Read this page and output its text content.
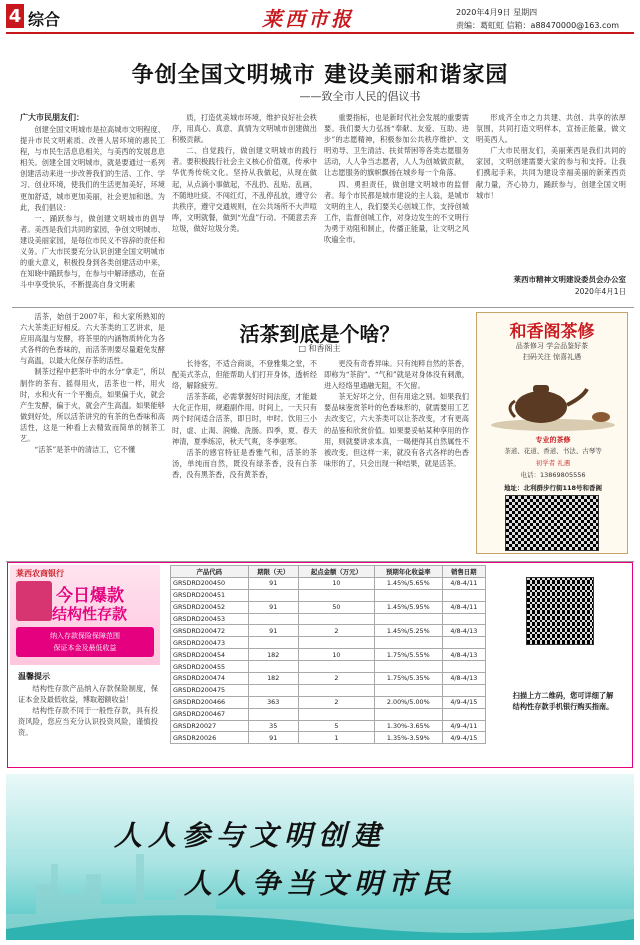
4 综合	莱西市报	2020年4月9日 星期四
责编：葛虹虹 信箱：a88470000@163.com
争创全国文明城市 建设美丽和谐家园
——致全市人民的倡议书
广大市民朋友们：

创建全国文明城市是拉高城市文明程度、提升市民文明素质、改善人居环境的惠民工程，与市民生活息息相关，与美西的发展息息相关。创建全国文明城市，就是要通过一系列创建活动来进一步改善我们的生活、工作、学习、创业环境，使我们的生活更加美好，环境更加舒适，城市更加美丽，社会更加和谐。为此，我们倡议：

一、踊跃参与，做创建文明城市的倡导者。美西是我们共同的家园，争创文明城市、建设美丽家园，是每位市民义不容辞的责任和义务。广大市民要充分认识创建全国文明城市的重大意义，积极投身到各类创建活动中来，在知晓中踊跃参与，在参与中解译感动，在奋斗中享受快乐，不断提高自身文明素

质，打造优美城市环境，维护良好社会秩序，用真心、真意、真情为文明城市创建做出积极贡献。

二、自觉践行，做创建文明城市的践行者。要积极践行社会主义核心价值观，传承中华优秀传统文化。坚持从我做起，从现在做起，从点滴小事做起，不乱扔、乱贴、乱画，不随地吐痰、不闯红灯，不乱停乱放，遵守公共秩序，遵守交通规则，在公共场所不大声喧哗，文明就餐，做到“光盘”行动。不随意丢弃垃圾，做好垃圾分类。

重要指标，也是新时代社会发展的重要需要。我们要大力弘扬“奉献、友爱、互助、进步”的志愿精神，积极参加公共秩序维护、文明劝导、卫生清洁、扶贫帮困等各类志愿服务活动，人人争当志愿者，人人为创城做贡献，让志愿服务的旗帜飘扬在城乡每一个角落。

四、勇担责任，做创建文明城市的监督者。每个市民都是城市建设的主人翁，是城市文明的主人，我们要关心创城工作，支持创城工作，监督创城工作，对身边发生的不文明行为勇于劝阻和制止，传播正能量，让文明之风吹遍全市。

形成齐全市之力共建、共创、共享的浓厚氛围，共同打造文明样本，宣扬正能量，做文明美西人。

广大市民朋友们，美丽莱西是我们共同的家园，文明创建需要大家的参与和支持。让我们携起手来，共同为建设幸福美丽的新莱西贡献力量，齐心协力，踊跃参与，创建全国文明城市！

莱西市精神文明建设委员会办公室
2020年4月1日

活茶，始创于2007年，和大家所熟知的六大茶类正好相反。六大茶类的工艺讲求，是应用高温与发酵，将茶里的内涵物质转化为各式各样的色香味的，而活茶则要尽量避免发酵与高温，以最大化保存茶的活性。

制茶过程中把茶叶中的水分“拿走”，所以制作的茶有、摇得用火，活茶也一样，用火时，水和火有一个平衡点，如果偏于火，就会产生发酵，偏于火，就会产生高温。如果能够做到好处，所以活茶讲究的有茶的色香味和高活性，这是一种看上去精致而简单的制茶工艺。

“活茶”是茶中的清洁工，它不懂

活茶到底是个啥？
□ 和香阁主

长待客，不适合商谈，不登雅集之堂，不配美式茶点，但能帮助人们打开身体，透析经络，解除疲劳。

活茶茶疏，必需掌握好时间法度，才能最大化正作用，规避副作用。时间上，一天只有两个时间适合活茶，即日时，申时。饮用三小时，虚、止渴、润燥、洗肠。四季，夏、春天神清，夏季练凉，秋天气爽，冬季驱寒。

活茶的感官特征是香雅气和，活茶的茶汤，单纯而自然，既没有绿茶香，没有白茶香，没有黑茶香，没有黄茶香，

更没有奇香异味。只有纯粹自然的茶香，即称为“茶韵”。“气和”就是对身体没有刺激，进入经络里通融无阻，不欠留。

茶无好坏之分，但有用途之别。如果我们要品味鉴赏茶叶的色香味形的，就需要用工艺去改变它，六大茶类可以让茶改变，才有更高的品鉴和欣赏价值。如果要妥帖某种享用的作用，则就要讲求本真，一喝便得其自然属性不被改变。但这样一来，就没有各式各样的色香味形的了，只会出现一种结果，就是活茶。

和香阁茶修
品茶修习 学会品鉴好茶
扫码关注 惊喜礼遇
专业的茶修
茶道、花道、香道、书法、古琴等
初学者 礼遇
电话：13869805556
地址：北利群步行街118号和香阁
莱西农商银行
今日爆款
结构性存款
纳入存款保险保障范围
保证本金及最低收益
温馨提示

结构性存款产品纳入存款保险制度，保证本金及最低收益，博取超额收益！

结构性存款不同于一般性存款，具有投资风险，您应当充分认识投资风险，谨慎投资。

产品代码	期限（天）	起点金额（万元）	预期年化收益率	销售日期
GRSDRD200450	91	10	1.45%/5.65%	4/8-4/11
GRSDRD200451				
GRSDRD200452	91	50	1.45%/5.95%	4/8-4/11
GRSDRD200453				
GRSDRD200472	91	2	1.45%/5.25%	4/8-4/13
GRSDRD200473				
GRSDRD200454	182	10	1.75%/5.55%	4/8-4/13
GRSDRD200455				
GRSDRD200474	182	2	1.75%/5.35%	4/8-4/13
GRSDRD200475				
GRSDRD200466	363	2	2.00%/5.00%	4/9-4/15
GRSDRD200467				
GRSDR20027	35	5	1.30%-3.65%	4/9-4/11
GRSDR20026	91	1	1.35%-3.59%	4/9-4/15
扫描上方二维码，您可详细了解结构性存款手机银行购买指南。
人人参与文明创建
人人争当文明市民
